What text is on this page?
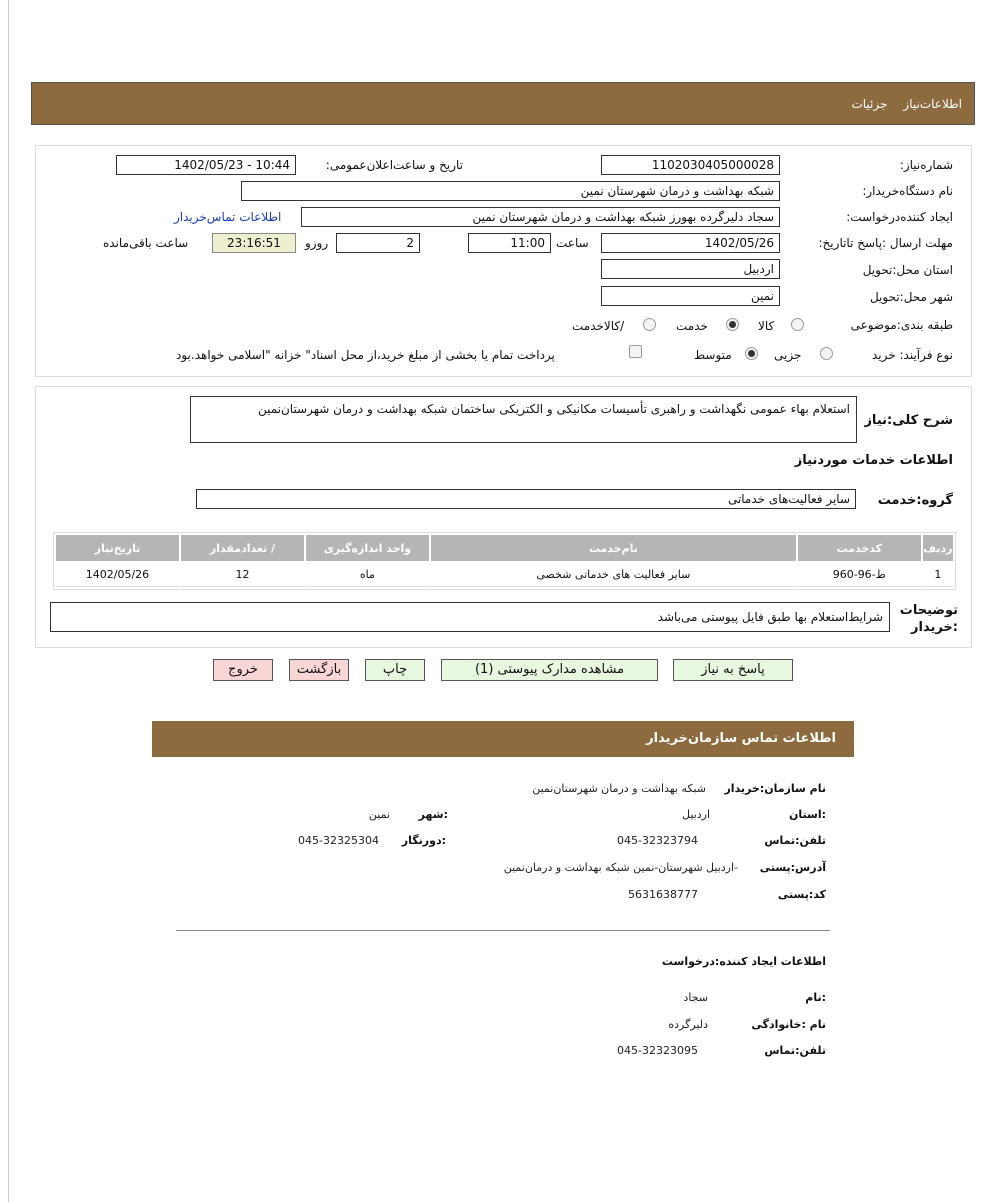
اطلاعات‌نیاز
جزئیات
شماره‌نیاز:
1102030405000028
تاریخ و ساعت‌اعلان‌عمومی:
1402/05/23 - 10:44
نام دستگاه‌خریدار:
شبکه بهداشت و درمان شهرستان نمین
ایجاد کننده‌درخواست:
سجاد دلیرگرده بهورز شبکه بهداشت و درمان شهرستان نمین
اطلاعات تماس‌خریدار
مهلت ارسال :پاسخ تا‌تاریخ:
1402/05/26
ساعت
11:00
2
روزو
23:16:51
ساعت باقی‌مانده
استان محل:تحویل
اردبیل
شهر محل:تحویل
نمین
طبقه بندی:موضوعی
کالا
خدمت
/کالاخدمت
نوع فرآیند: خرید
جزیی
متوسط
پرداخت تمام یا بخشی از مبلغ خرید،از محل اسناد" خزانه "اسلامی خواهد.بود
شرح کلی:نیاز
استعلام بهاء عمومی نگهداشت و راهبری تأسیسات مکانیکی و الکتریکی ساختمان شبکه بهداشت و درمان شهرستان‌نمین
اطلاعات خدمات موردنیاز
گروه:خدمت
سایر فعالیت‌های خدماتی
ردیف	کدخدمت	نام‌خدمت	واحد اندازه‌گیری	/ تعدادمقدار	تاریخ‌نیاز
1	ط-96-960	سایر فعالیت های خدماتی شخصی	ماه	12	1402/05/26
توضیحات :خریدار
شرایط‌استعلام بها طبق فایل پیوستی می‌باشد
پاسخ به نیاز
مشاهده مدارک پیوستی (1)
چاپ
بازگشت
خروج
اطلاعات تماس سازمان‌خریدار
نام سازمان:خریدار
شبکه بهداشت و درمان شهرستان‌نمین
:استان
اردبیل
:شهر
نمین
تلفن:تماس
045-32323794
:دورنگار
045-32325304
آدرس:پستی
-اردبیل شهرستان-نمین شبکه بهداشت و درمان‌نمین
کد:پستی
5631638777
اطلاعات ایجاد کننده:درخواست
:نام
سجاد
نام :خانوادگی
دلیرگرده
تلفن:تماس
045-32323095
